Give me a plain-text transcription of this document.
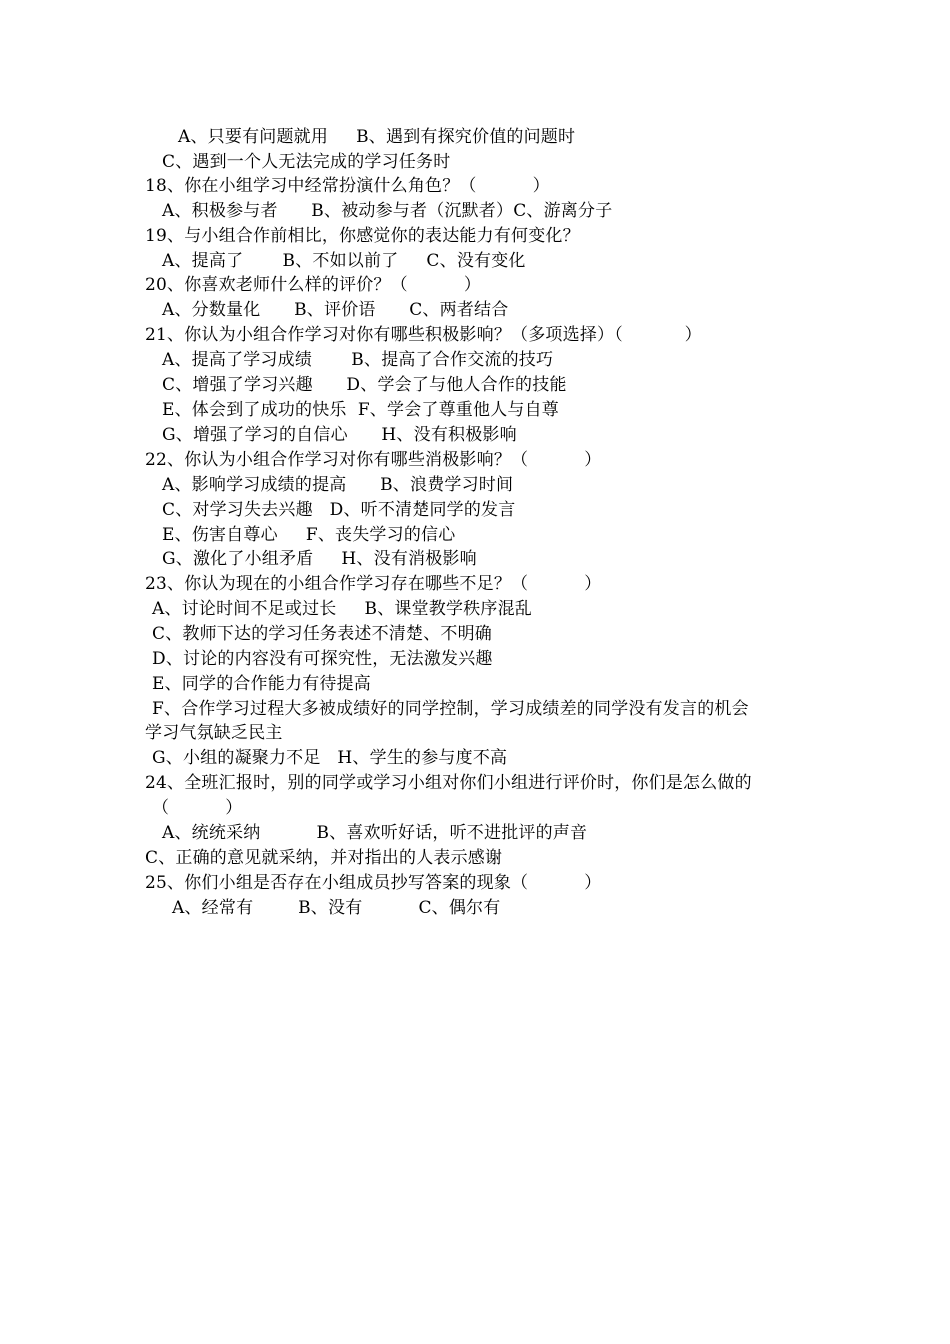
A、只要有问题就用     B、遇到有探究价值的问题时
C、遇到一个人无法完成的学习任务时
18、你在小组学习中经常扮演什么角色？（          ）
A、积极参与者      B、被动参与者（沉默者）C、游离分子
19、与小组合作前相比，你感觉你的表达能力有何变化？
A、提高了       B、不如以前了     C、没有变化
20、你喜欢老师什么样的评价？（          ）
A、分数量化      B、评价语      C、两者结合
21、你认为小组合作学习对你有哪些积极影响？（多项选择）（           ）
A、提高了学习成绩       B、提高了合作交流的技巧
C、增强了学习兴趣      D、学会了与他人合作的技能
E、体会到了成功的快乐  F、学会了尊重他人与自尊
G、增强了学习的自信心      H、没有积极影响
22、你认为小组合作学习对你有哪些消极影响？（          ）
A、影响学习成绩的提高      B、浪费学习时间
C、对学习失去兴趣   D、听不清楚同学的发言
E、伤害自尊心     F、丧失学习的信心
G、激化了小组矛盾     H、没有消极影响
23、你认为现在的小组合作学习存在哪些不足？（          ）
A、讨论时间不足或过长     B、课堂教学秩序混乱
C、教师下达的学习任务表述不清楚、不明确
D、讨论的内容没有可探究性，无法激发兴趣
E、同学的合作能力有待提高
F、合作学习过程大多被成绩好的同学控制，学习成绩差的同学没有发言的机会
学习气氛缺乏民主
G、小组的凝聚力不足   H、学生的参与度不高
24、全班汇报时，别的同学或学习小组对你们小组进行评价时，你们是怎么做的
（          ）
A、统统采纳          B、喜欢听好话，听不进批评的声音
C、正确的意见就采纳，并对指出的人表示感谢
25、你们小组是否存在小组成员抄写答案的现象（          ）
A、经常有        B、没有          C、偶尔有
